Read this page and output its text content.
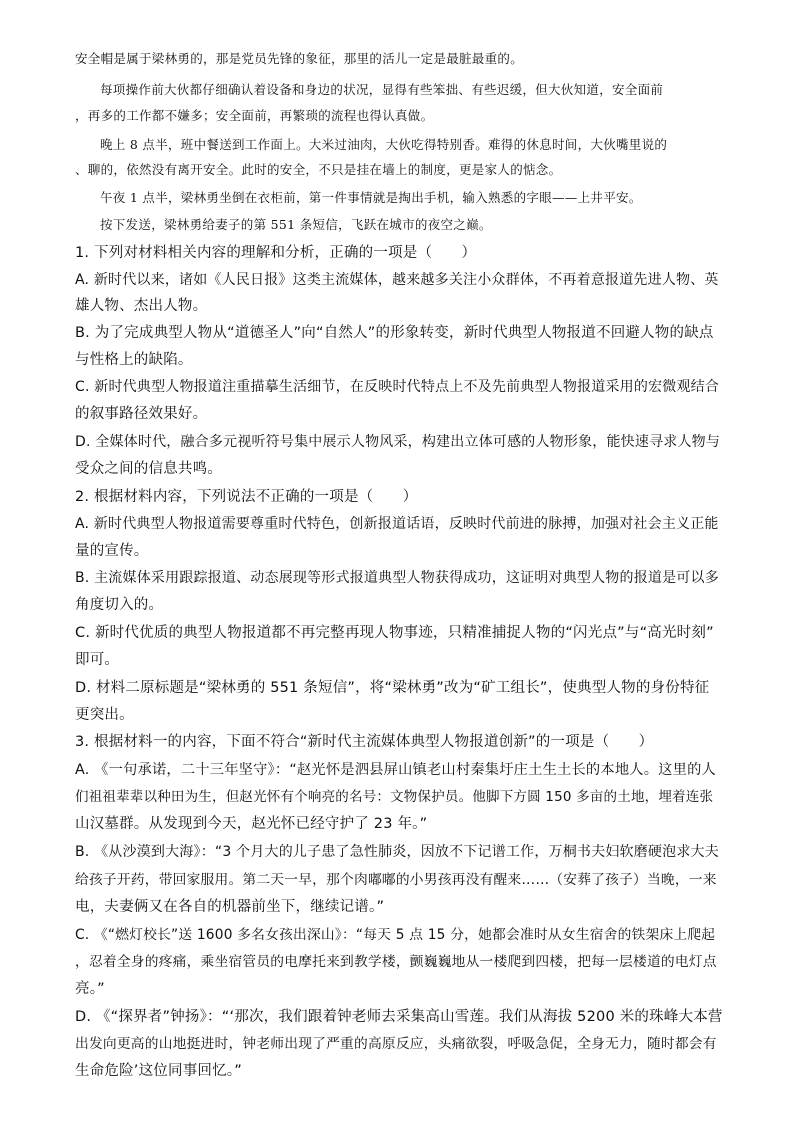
安全帽是属于梁林勇的，那是党员先锋的象征，那里的活儿一定是最脏最重的。
每项操作前大伙都仔细确认着设备和身边的状况，显得有些笨拙、有些迟缓，但大伙知道，安全面前
，再多的工作都不嫌多；安全面前，再繁琐的流程也得认真做。
晚上 8 点半，班中餐送到工作面上。大米过油肉，大伙吃得特别香。难得的休息时间，大伙嘴里说的
、聊的，依然没有离开安全。此时的安全，不只是挂在墙上的制度，更是家人的惦念。
午夜 1 点半，梁林勇坐倒在衣柜前，第一件事情就是掏出手机，输入熟悉的字眼——上井平安。
按下发送，梁林勇给妻子的第 551 条短信，飞跃在城市的夜空之巅。
1. 下列对材料相关内容的理解和分析，正确的一项是（　　）
A. 新时代以来，诸如《人民日报》这类主流媒体，越来越多关注小众群体，不再着意报道先进人物、英
雄人物、杰出人物。
B. 为了完成典型人物从“道德圣人”向“自然人”的形象转变，新时代典型人物报道不回避人物的缺点
与性格上的缺陷。
C. 新时代典型人物报道注重描摹生活细节，在反映时代特点上不及先前典型人物报道采用的宏微观结合
的叙事路径效果好。
D. 全媒体时代，融合多元视听符号集中展示人物风采，构建出立体可感的人物形象，能快速寻求人物与
受众之间的信息共鸣。
2. 根据材料内容，下列说法不正确的一项是（　　）
A. 新时代典型人物报道需要尊重时代特色，创新报道话语，反映时代前进的脉搏，加强对社会主义正能
量的宣传。
B. 主流媒体采用跟踪报道、动态展现等形式报道典型人物获得成功，这证明对典型人物的报道是可以多
角度切入的。
C. 新时代优质的典型人物报道都不再完整再现人物事迹，只精准捕捉人物的“闪光点”与“高光时刻”
即可。
D. 材料二原标题是“梁林勇的 551 条短信”，将“梁林勇”改为“矿工组长”，使典型人物的身份特征
更突出。
3. 根据材料一的内容，下面不符合“新时代主流媒体典型人物报道创新”的一项是（　　）
A. 《一句承诺，二十三年坚守》：“赵光怀是泗县屏山镇老山村秦集圩庄土生土长的本地人。这里的人
们祖祖辈辈以种田为生，但赵光怀有个响亮的名号：文物保护员。他脚下方圆 150 多亩的土地，埋着连张
山汉墓群。从发现到今天，赵光怀已经守护了 23 年。”
B. 《从沙漠到大海》：“3 个月大的儿子患了急性肺炎，因放不下记谱工作，万桐书夫妇软磨硬泡求大夫
给孩子开药，带回家服用。第二天一早，那个肉嘟嘟的小男孩再没有醒来……（安葬了孩子）当晚，一来
电，夫妻俩又在各自的机器前坐下，继续记谱。”
C. 《“燃灯校长”送 1600 多名女孩出深山》：“每天 5 点 15 分，她都会准时从女生宿舍的铁架床上爬起
，忍着全身的疼痛，乘坐宿管员的电摩托来到教学楼，颤巍巍地从一楼爬到四楼，把每一层楼道的电灯点
亮。”
D. 《“探界者”钟扬》：“‘那次，我们跟着钟老师去采集高山雪莲。我们从海拔 5200 米的珠峰大本营
出发向更高的山地挺进时，钟老师出现了严重的高原反应，头痛欲裂，呼吸急促，全身无力，随时都会有
生命危险’这位同事回忆。”
